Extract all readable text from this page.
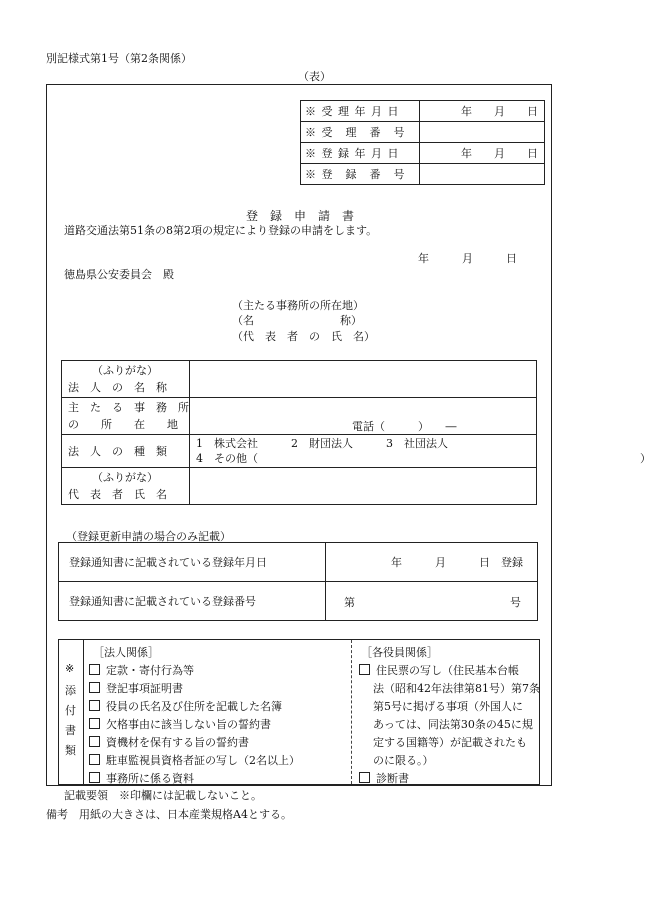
別記様式第1号（第2条関係）
（表）
※ 受 理 年 月 日	年　　月　　日
※ 受　理　番　号	
※ 登 録 年 月 日	年　　月　　日
※ 登　録　番　号	
登　録　申　請　書
道路交通法第51条の8第2項の規定により登録の申請をします。
年　　　月　　　日
徳島県公安委員会　殿
（主たる事務所の所在地）
（名	称）
（代　表　者　の　氏　名）
（ふりがな）
法　人　の　名　称	

主　た　る　事　務　所
の　　所　　在　　地	電話（　　　）　　―

法　人　の　種　類	1　株式会社　　　2　財団法人　　　3　社団法人
4　その他（ ）

（ふりがな）
代　表　者　氏　名	

（登録更新申請の場合のみ記載）
登録通知書に記載されている登録年月日	年　　　月　　　日　登録
登録通知書に記載されている登録番号	第 号
※
添
付
書
類
［法人関係］
定款・寄付行為等
登記事項証明書
役員の氏名及び住所を記載した名簿
欠格事由に該当しない旨の誓約書
資機材を保有する旨の誓約書
駐車監視員資格者証の写し（2名以上）
事務所に係る資料
［各役員関係］
住民票の写し（住民基本台帳
法（昭和42年法律第81号）第7条
第5号に掲げる事項（外国人に
あっては、同法第30条の45に規
定する国籍等）が記載されたも
のに限る。）
診断書
記載要領　※印欄には記載しないこと。
備考　用紙の大きさは、日本産業規格A4とする。
